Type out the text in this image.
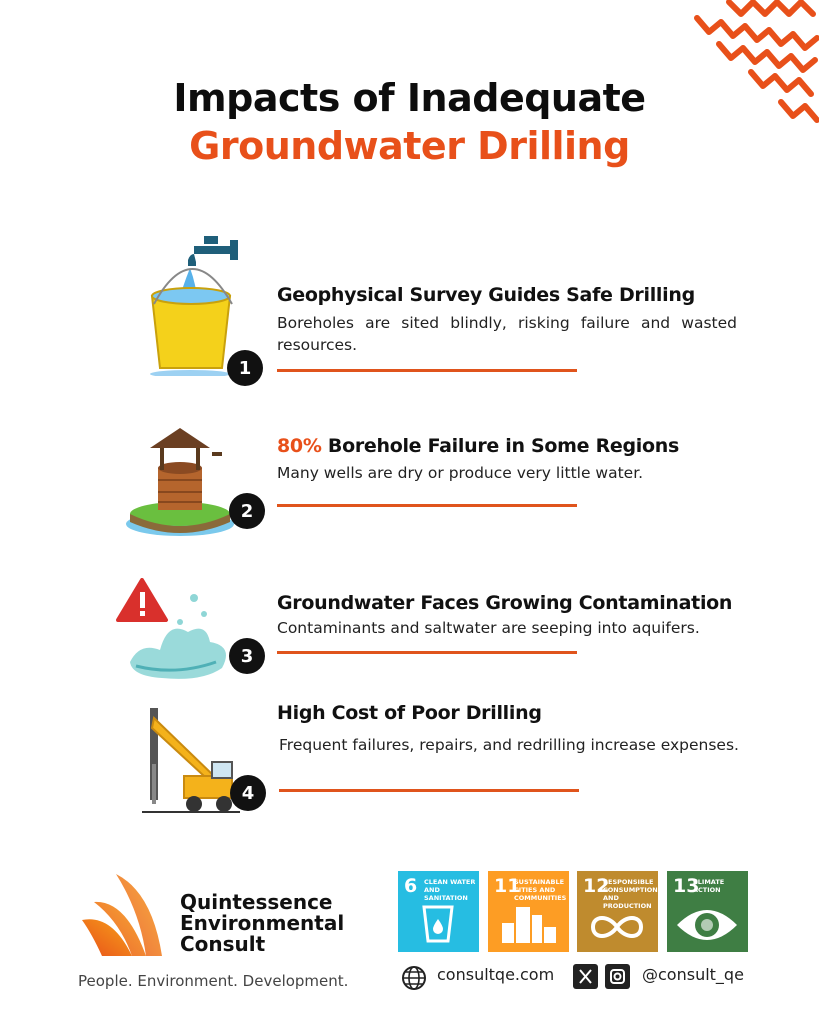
Impacts of Inadequate
Groundwater Drilling
1
Geophysical Survey Guides Safe Drilling
Boreholes are sited blindly, risking failure and wasted resources.
2
80% Borehole Failure in Some Regions
Many wells are dry or produce very little water.
3
Groundwater Faces Growing Contamination
Contaminants and saltwater are seeping into aquifers.
4
High Cost of Poor Drilling
Frequent failures, repairs, and redrilling increase expenses.
Quintessence
Environmental
Consult
People. Environment. Development.
6 CLEAN WATER AND SANITATION
11
SUSTAINABLE CITIES AND COMMUNITIES
12
RESPONSIBLE CONSUMPTION AND PRODUCTION
13
CLIMATE ACTION
consultqe.com	@consult_qe
